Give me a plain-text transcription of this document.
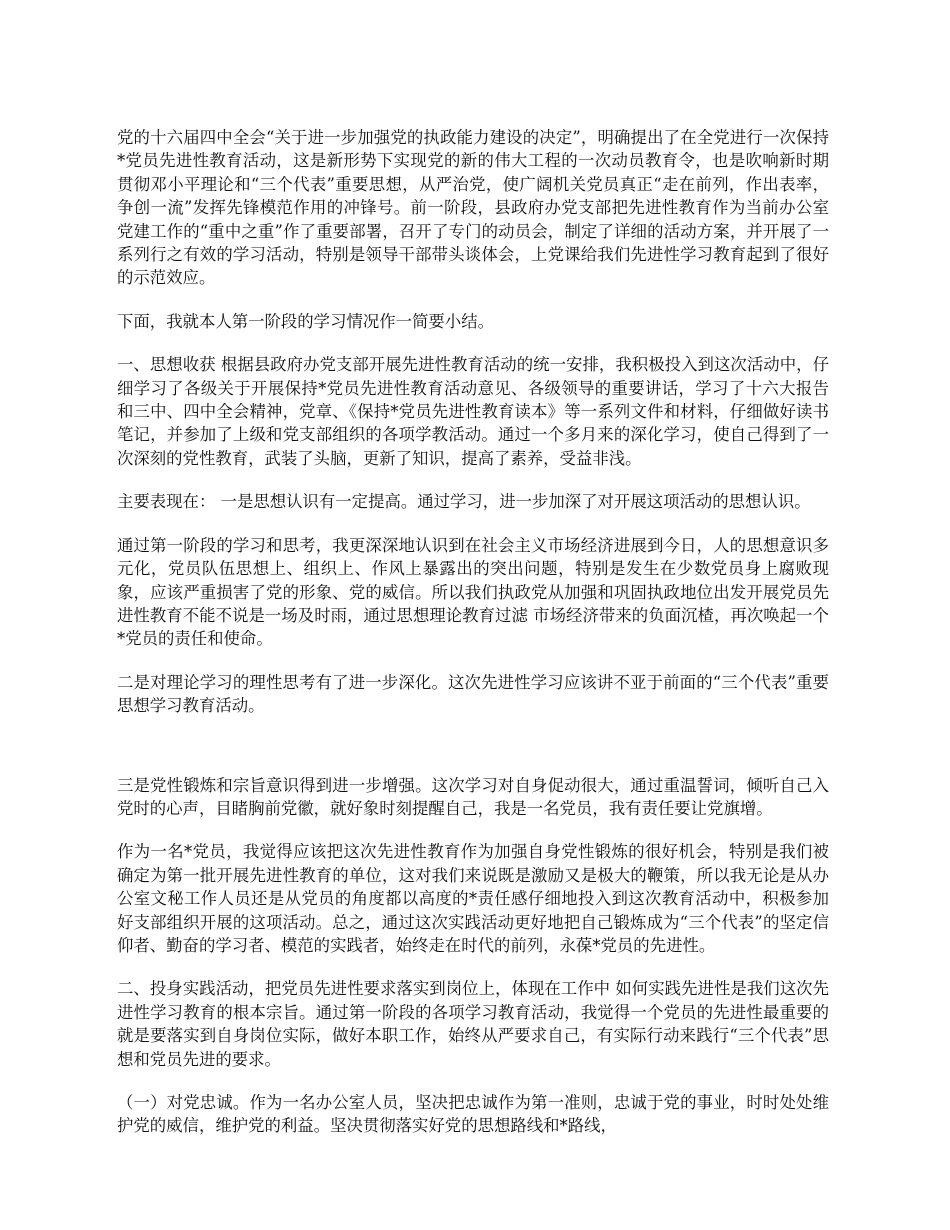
党的十六届四中全会“关于进一步加强党的执政能力建设的决定”，明确提出了在全党进行一次保持*党员先进性教育活动，这是新形势下实现党的新的伟大工程的一次动员教育令，也是吹响新时期贯彻邓小平理论和“三个代表”重要思想，从严治党，使广阔机关党员真正“走在前列，作出表率，争创一流”发挥先锋模范作用的冲锋号。前一阶段，县政府办党支部把先进性教育作为当前办公室党建工作的“重中之重”作了重要部署，召开了专门的动员会，制定了详细的活动方案，并开展了一系列行之有效的学习活动，特别是领导干部带头谈体会，上党课给我们先进性学习教育起到了很好的示范效应。

下面，我就本人第一阶段的学习情况作一简要小结。

一、思想收获 根据县政府办党支部开展先进性教育活动的统一安排，我积极投入到这次活动中，仔细学习了各级关于开展保持*党员先进性教育活动意见、各级领导的重要讲话，学习了十六大报告和三中、四中全会精神，党章、《保持*党员先进性教育读本》等一系列文件和材料，仔细做好读书笔记，并参加了上级和党支部组织的各项学教活动。通过一个多月来的深化学习，使自己得到了一次深刻的党性教育，武装了头脑，更新了知识，提高了素养，受益非浅。

主要表现在： 一是思想认识有一定提高。通过学习，进一步加深了对开展这项活动的思想认识。

通过第一阶段的学习和思考，我更深深地认识到在社会主义市场经济进展到今日，人的思想意识多元化，党员队伍思想上、组织上、作风上暴露出的突出问题，特别是发生在少数党员身上腐败现象，应该严重损害了党的形象、党的威信。所以我们执政党从加强和巩固执政地位出发开展党员先进性教育不能不说是一场及时雨，通过思想理论教育过滤 市场经济带来的负面沉楂，再次唤起一个*党员的责任和使命。

二是对理论学习的理性思考有了进一步深化。这次先进性学习应该讲不亚于前面的“三个代表”重要思想学习教育活动。

三是党性锻炼和宗旨意识得到进一步增强。这次学习对自身促动很大，通过重温誓词，倾听自己入党时的心声，目睹胸前党徽，就好象时刻提醒自己，我是一名党员，我有责任要让党旗增。

作为一名*党员，我觉得应该把这次先进性教育作为加强自身党性锻炼的很好机会，特别是我们被确定为第一批开展先进性教育的单位，这对我们来说既是激励又是极大的鞭策，所以我无论是从办公室文秘工作人员还是从党员的角度都以高度的*责任感仔细地投入到这次教育活动中，积极参加好支部组织开展的这项活动。总之，通过这次实践活动更好地把自己锻炼成为“三个代表”的坚定信仰者、勤奋的学习者、模范的实践者，始终走在时代的前列，永葆*党员的先进性。

二、投身实践活动，把党员先进性要求落实到岗位上，体现在工作中 如何实践先进性是我们这次先进性学习教育的根本宗旨。通过第一阶段的各项学习教育活动，我觉得一个党员的先进性最重要的就是要落实到自身岗位实际，做好本职工作，始终从严要求自己，有实际行动来践行“三个代表”思想和党员先进的要求。

（一）对党忠诚。作为一名办公室人员，坚决把忠诚作为第一准则，忠诚于党的事业，时时处处维护党的威信，维护党的利益。坚决贯彻落实好党的思想路线和*路线，
